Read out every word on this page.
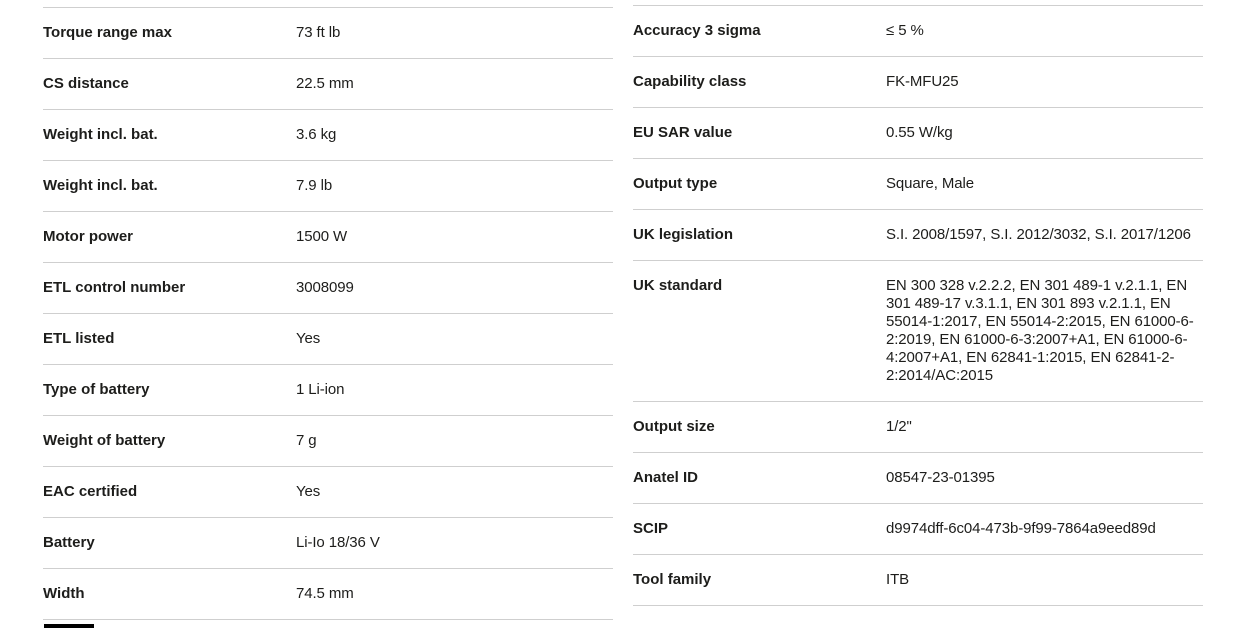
Torque range max	73 ft lb
CS distance	22.5 mm
Weight incl. bat.	3.6 kg
Weight incl. bat.	7.9 lb
Motor power	1500 W
ETL control number	3008099
ETL listed	Yes
Type of battery	1 Li-ion
Weight of battery	7 g
EAC certified	Yes
Battery	Li-Io 18/36 V
Width	74.5 mm
Accuracy 3 sigma	≤ 5 %
Capability class	FK-MFU25
EU SAR value	0.55 W/kg
Output type	Square, Male
UK legislation	S.I. 2008/1597, S.I. 2012/3032, S.I. 2017/1206
UK standard	EN 300 328 v.2.2.2, EN 301 489-1 v.2.1.1, EN 301 489-17 v.3.1.1, EN 301 893 v.2.1.1, EN 55014-1:2017, EN 55014-2:2015, EN 61000-6-2:2019, EN 61000-6-3:2007+A1, EN 61000-6-4:2007+A1, EN 62841-1:2015, EN 62841-2-2:2014/AC:2015
Output size	1/2"
Anatel ID	08547-23-01395
SCIP	d9974dff-6c04-473b-9f99-7864a9eed89d
Tool family	ITB
